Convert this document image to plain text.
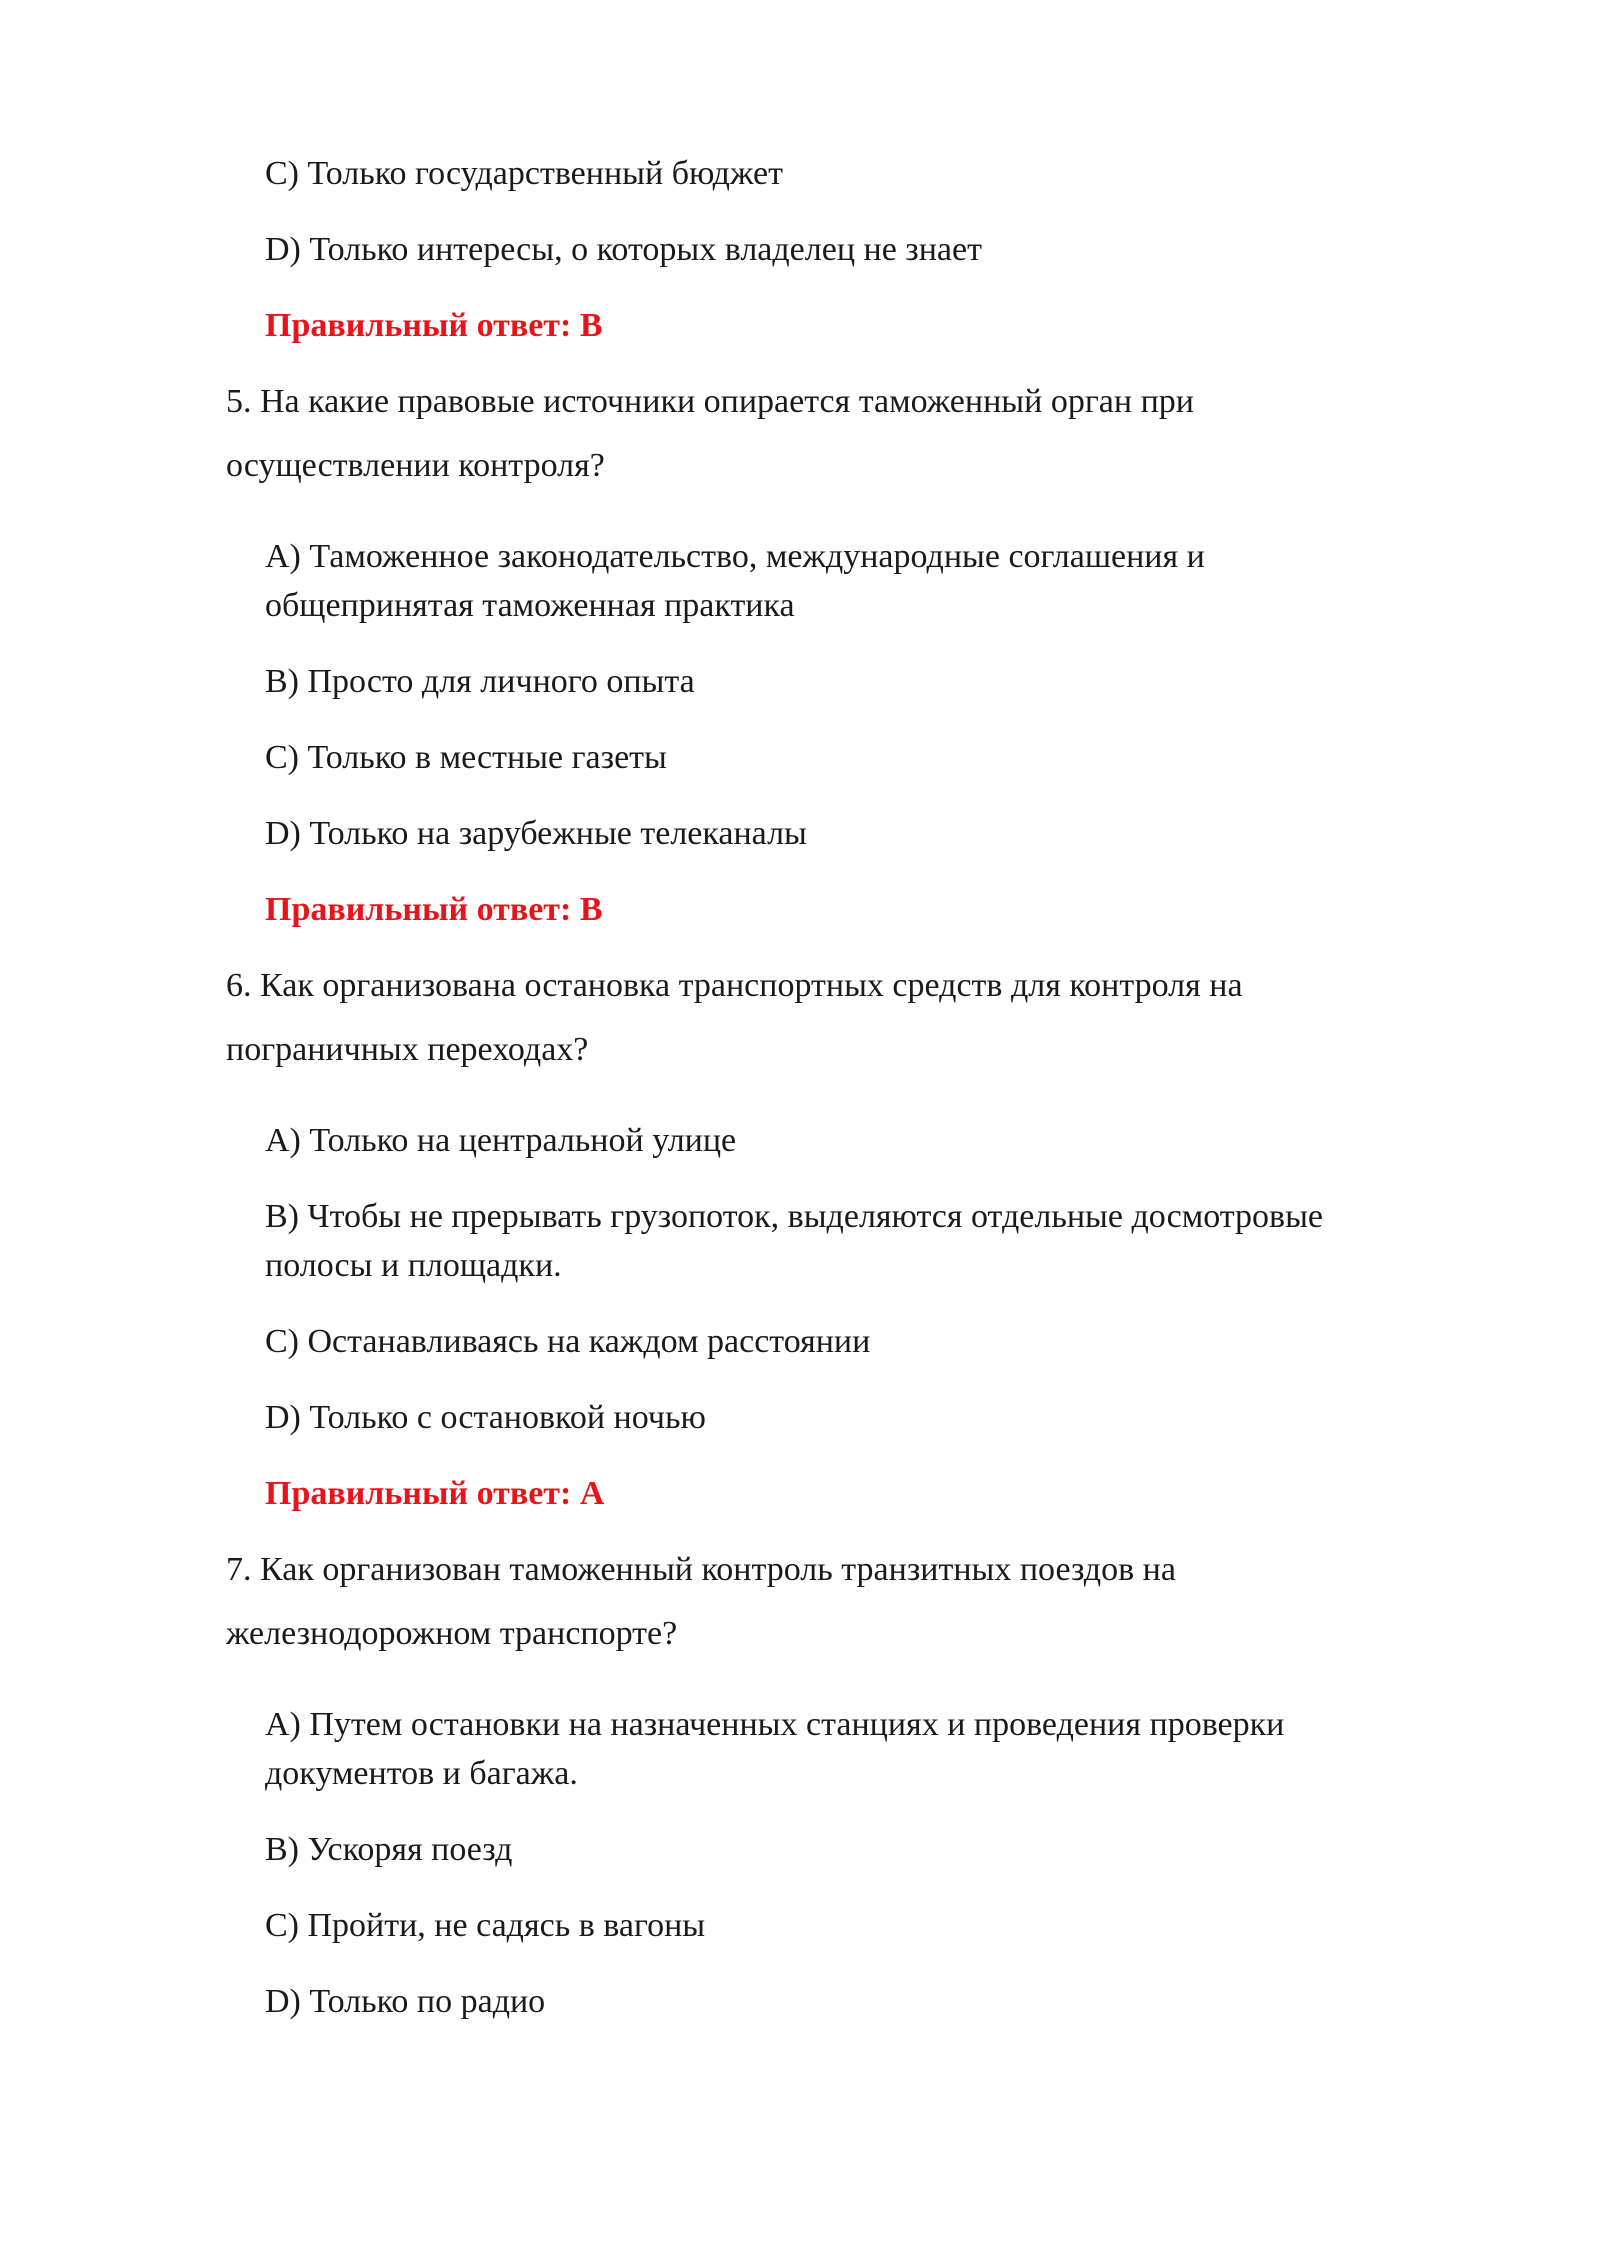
C) Только государственный бюджет
D) Только интересы, о которых владелец не знает
Правильный ответ: B
5. На какие правовые источники опирается таможенный орган при
осуществлении контроля?
A) Таможенное законодательство, международные соглашения и
общепринятая таможенная практика
B) Просто для личного опыта
C) Только в местные газеты
D) Только на зарубежные телеканалы
Правильный ответ: B
6. Как организована остановка транспортных средств для контроля на
пограничных переходах?
A) Только на центральной улице
B) Чтобы не прерывать грузопоток, выделяются отдельные досмотровые
полосы и площадки.
C) Останавливаясь на каждом расстоянии
D) Только с остановкой ночью
Правильный ответ: A
7. Как организован таможенный контроль транзитных поездов на
железнодорожном транспорте?
A) Путем остановки на назначенных станциях и проведения проверки
документов и багажа.
B) Ускоряя поезд
C) Пройти, не садясь в вагоны
D) Только по радио
